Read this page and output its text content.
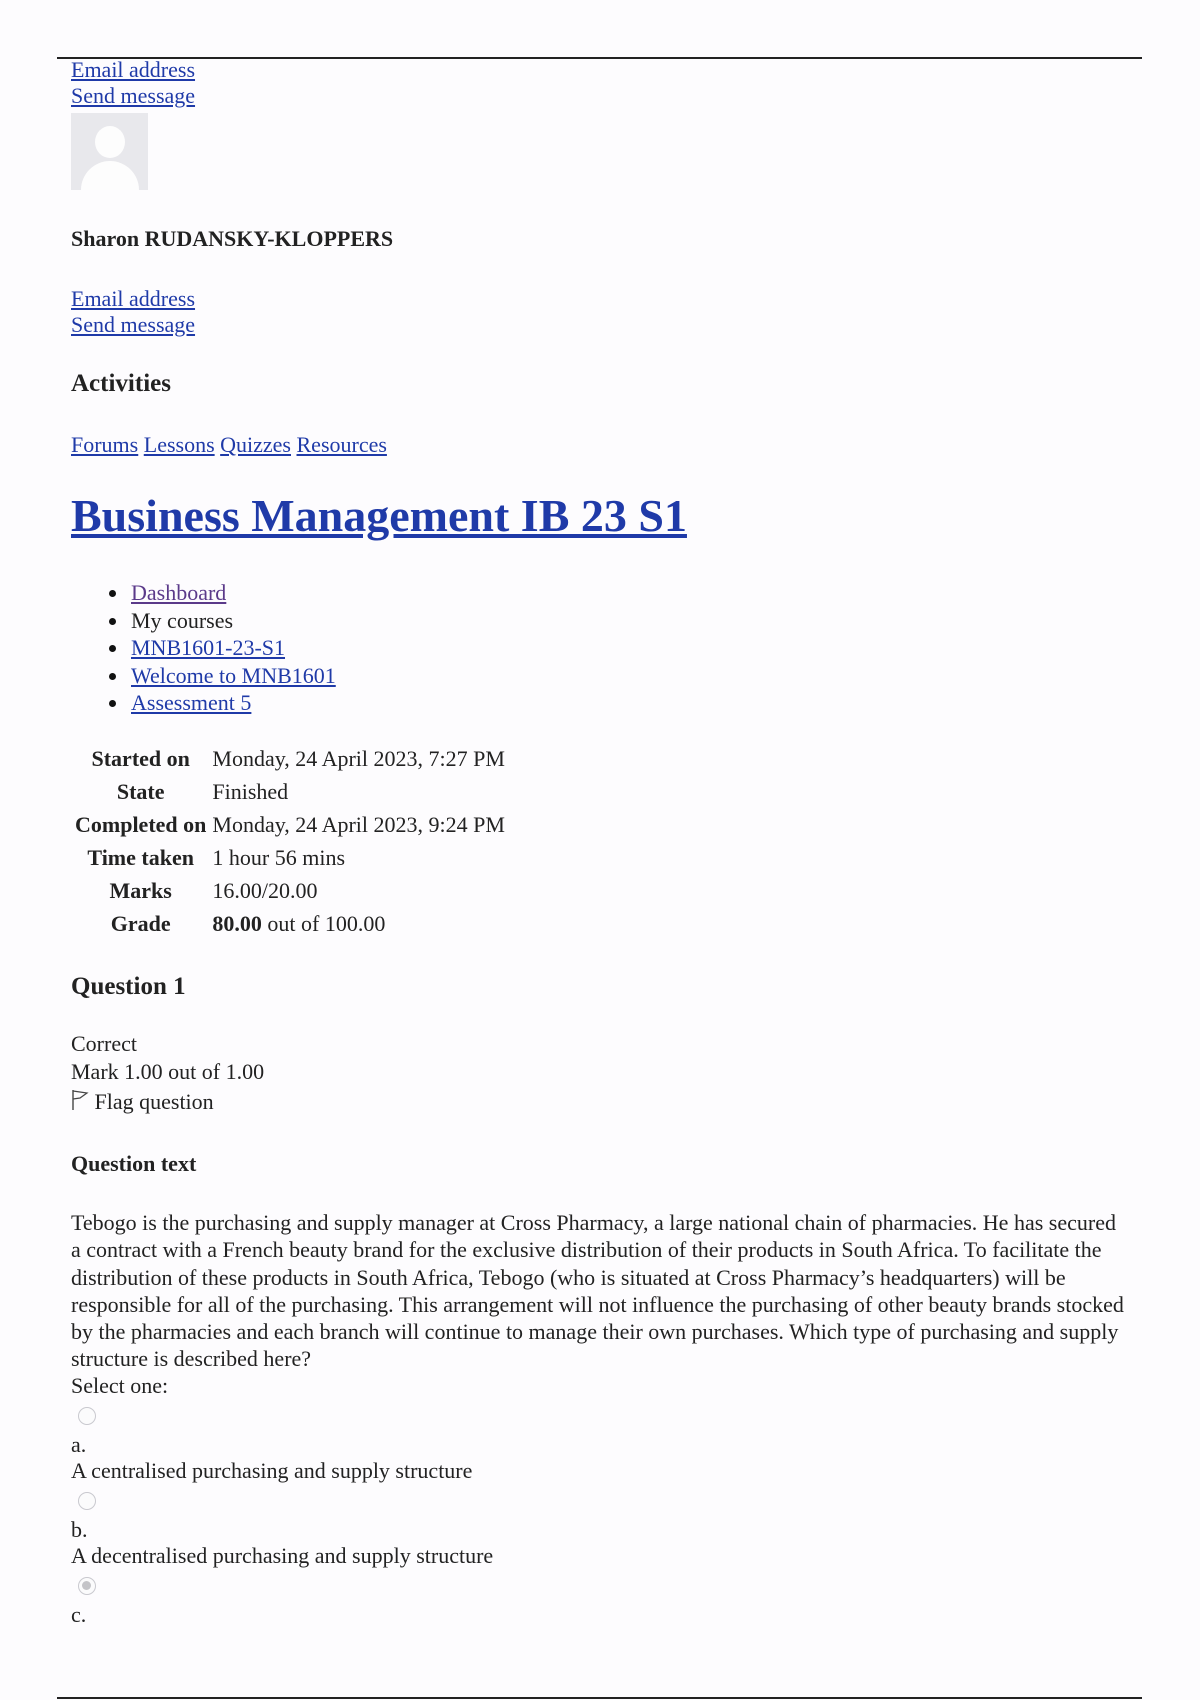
Email address
Send message
Sharon RUDANSKY-KLOPPERS
Email address
Send message
Activities
Forums Lessons Quizzes Resources
Business Management IB 23 S1
Dashboard
My courses
MNB1601-23-S1
Welcome to MNB1601
Assessment 5
Started on	Monday, 24 April 2023, 7:27 PM
State	Finished
Completed on	Monday, 24 April 2023, 9:24 PM
Time taken	1 hour 56 mins
Marks	16.00/20.00
Grade	80.00 out of 100.00
Question 1
Correct
Mark 1.00 out of 1.00
Flag question
Question text
Tebogo is the purchasing and supply manager at Cross Pharmacy, a large national chain of pharmacies. He has secured a contract with a French beauty brand for the exclusive distribution of their products in South Africa. To facilitate the distribution of these products in South Africa, Tebogo (who is situated at Cross Pharmacy’s headquarters) will be responsible for all of the purchasing. This arrangement will not influence the purchasing of other beauty brands stocked by the pharmacies and each branch will continue to manage their own purchases. Which type of purchasing and supply structure is described here?
Select one:
a.
A centralised purchasing and supply structure
b.
A decentralised purchasing and supply structure
c.
